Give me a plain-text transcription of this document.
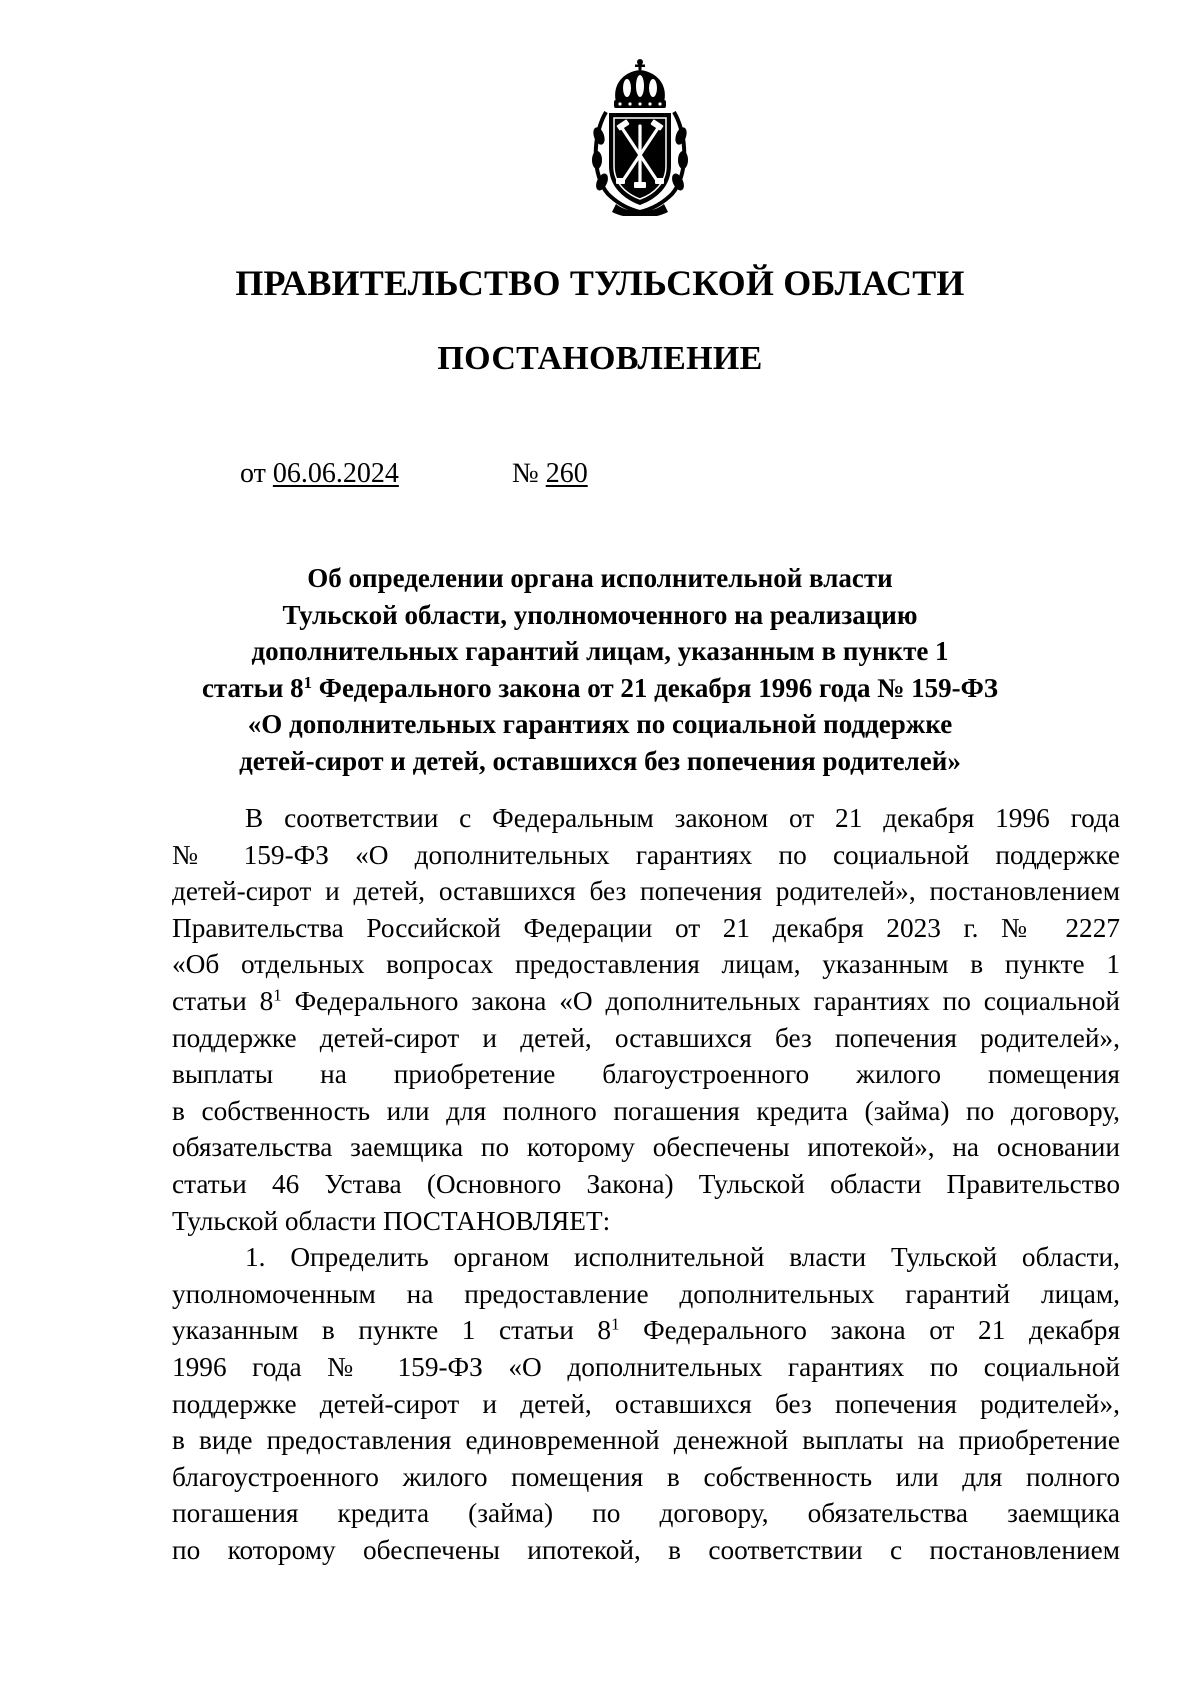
ПРАВИТЕЛЬСТВО ТУЛЬСКОЙ ОБЛАСТИ
ПОСТАНОВЛЕНИЕ
от 06.06.2024	№ 260
Об определении органа исполнительной власти
Тульской области, уполномоченного на реализацию
дополнительных гарантий лицам, указанным в пункте 1
статьи $8^1$ Федерального закона от 21 декабря 1996 года № 159-ФЗ
«О дополнительных гарантиях по социальной поддержке
детей-сирот и детей, оставшихся без попечения родителей»
В соответствии с Федеральным законом от 21 декабря 1996 года
№ 159-ФЗ «О дополнительных гарантиях по социальной поддержке
детей-сирот и детей, оставшихся без попечения родителей», постановлением
Правительства Российской Федерации от 21 декабря 2023 г. № 2227
«Об отдельных вопросах предоставления лицам, указанным в пункте 1
статьи $8^1$ Федерального закона «О дополнительных гарантиях по социальной
поддержке детей-сирот и детей, оставшихся без попечения родителей»,
выплаты на приобретение благоустроенного жилого помещения
в собственность или для полного погашения кредита (займа) по договору,
обязательства заемщика по которому обеспечены ипотекой», на основании
статьи 46 Устава (Основного Закона) Тульской области Правительство
Тульской области ПОСТАНОВЛЯЕТ:
1. Определить органом исполнительной власти Тульской области,
уполномоченным на предоставление дополнительных гарантий лицам,
указанным в пункте 1 статьи $8^1$ Федерального закона от 21 декабря
1996 года № 159-ФЗ «О дополнительных гарантиях по социальной
поддержке детей-сирот и детей, оставшихся без попечения родителей»,
в виде предоставления единовременной денежной выплаты на приобретение
благоустроенного жилого помещения в собственность или для полного
погашения кредита (займа) по договору, обязательства заемщика
по которому обеспечены ипотекой, в соответствии с постановлением
